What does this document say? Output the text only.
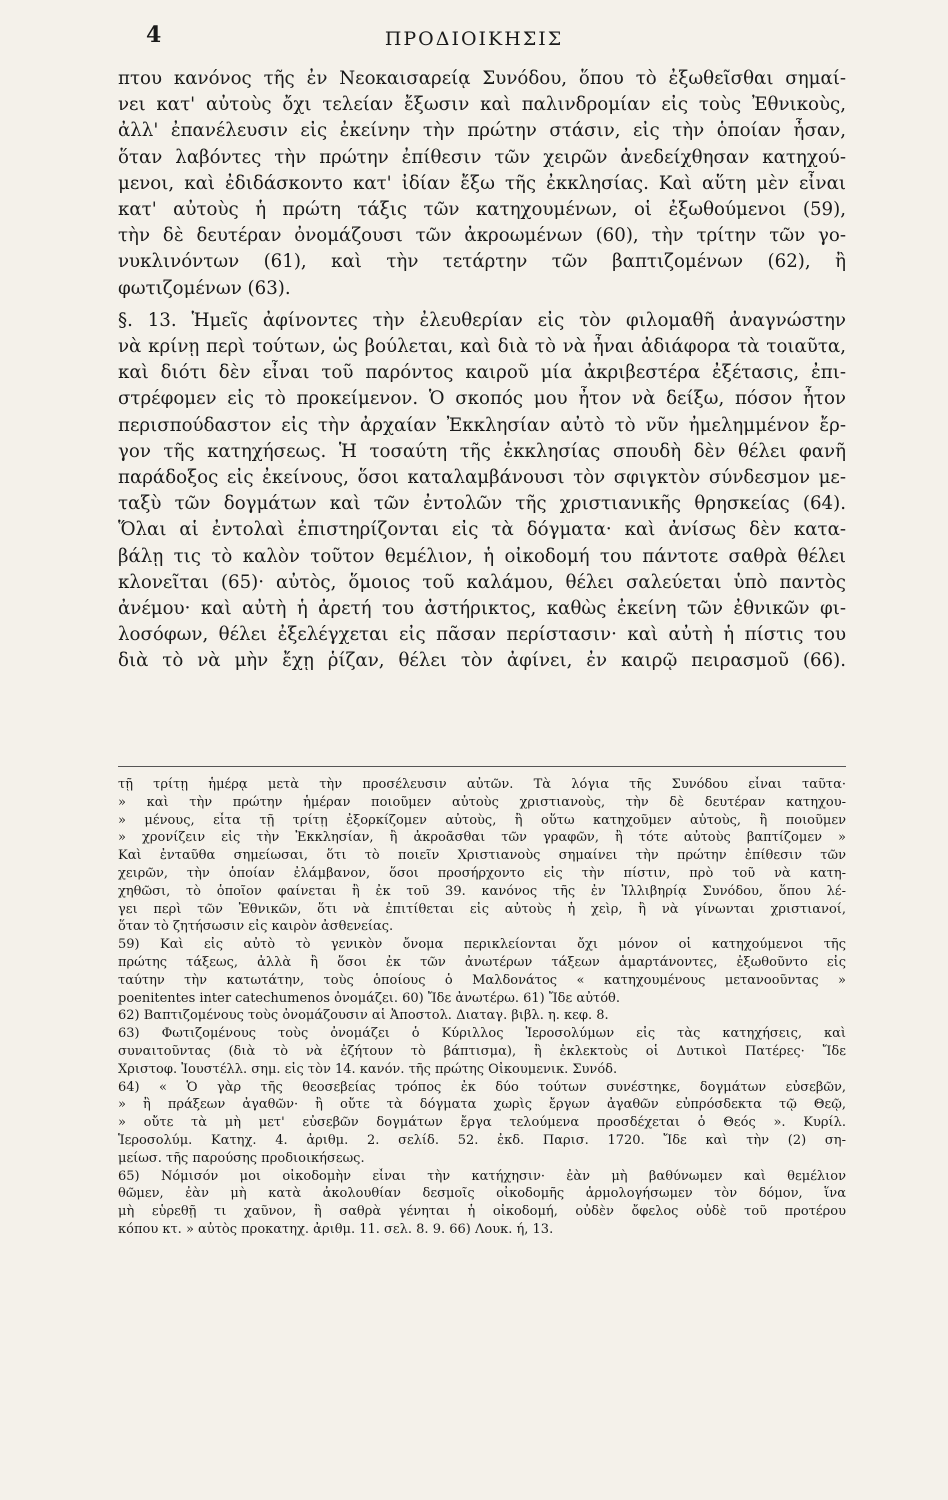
4	ΠΡΟΔΙΟΙΚΗΣΙΣ
πτου κανόνος τῆς ἐν Νεοκαισαρείᾳ Συνόδου, ὅπου τὸ ἐξωθεῖσθαι σημαί-
νει κατ' αὐτοὺς ὄχι τελείαν ἔξωσιν καὶ παλινδρομίαν εἰς τοὺς Ἐθνικοὺς,
ἀλλ' ἐπανέλευσιν εἰς ἐκείνην τὴν πρώτην στάσιν, εἰς τὴν ὁποίαν ἦσαν,
ὅταν λαβόντες τὴν πρώτην ἐπίθεσιν τῶν χειρῶν ἀνεδείχθησαν κατηχού-
μενοι, καὶ ἐδιδάσκοντο κατ' ἰδίαν ἔξω τῆς ἐκκλησίας. Καὶ αὕτη μὲν εἶναι
κατ' αὐτοὺς ἡ πρώτη τάξις τῶν κατηχουμένων, οἱ ἐξωθούμενοι (59),
τὴν δὲ δευτέραν ὀνομάζουσι τῶν ἀκροωμένων (60), τὴν τρίτην τῶν γο-
νυκλινόντων (61), καὶ τὴν τετάρτην τῶν βαπτιζομένων (62), ἢ
φωτιζομένων (63).
§. 13. Ἡμεῖς ἀφίνοντες τὴν ἐλευθερίαν εἰς τὸν φιλομαθῆ ἀναγνώστην
νὰ κρίνῃ περὶ τούτων, ὡς βούλεται, καὶ διὰ τὸ νὰ ἦναι ἀδιάφορα τὰ τοιαῦτα,
καὶ διότι δὲν εἶναι τοῦ παρόντος καιροῦ μία ἀκριβεστέρα ἐξέτασις, ἐπι-
στρέφομεν εἰς τὸ προκείμενον. Ὁ σκοπός μου ἦτον νὰ δείξω, πόσον ἦτον
περισπούδαστον εἰς τὴν ἀρχαίαν Ἐκκλησίαν αὐτὸ τὸ νῦν ἠμελημμένον ἔρ-
γον τῆς κατηχήσεως. Ἡ τοσαύτη τῆς ἐκκλησίας σπουδὴ δὲν θέλει φανῆ
παράδοξος εἰς ἐκείνους, ὅσοι καταλαμβάνουσι τὸν σφιγκτὸν σύνδεσμον με-
ταξὺ τῶν δογμάτων καὶ τῶν ἐντολῶν τῆς χριστιανικῆς θρησκείας (64).
Ὅλαι αἱ ἐντολαὶ ἐπιστηρίζονται εἰς τὰ δόγματα· καὶ ἀνίσως δὲν κατα-
βάλῃ τις τὸ καλὸν τοῦτον θεμέλιον, ἡ οἰκοδομή του πάντοτε σαθρὰ θέλει
κλονεῖται (65)· αὐτὸς, ὅμοιος τοῦ καλάμου, θέλει σαλεύεται ὑπὸ παντὸς
ἀνέμου· καὶ αὐτὴ ἡ ἀρετή του ἀστήρικτος, καθὼς ἐκείνη τῶν ἐθνικῶν φι-
λοσόφων, θέλει ἐξελέγχεται εἰς πᾶσαν περίστασιν· καὶ αὐτὴ ἡ πίστις του
διὰ τὸ νὰ μὴν ἔχῃ ῥίζαν, θέλει τὸν ἀφίνει, ἐν καιρῷ πειρασμοῦ (66).
τῇ τρίτῃ ἡμέρᾳ μετὰ τὴν προσέλευσιν αὐτῶν. Τὰ λόγια τῆς Συνόδου εἶναι ταῦτα·
» καὶ τὴν πρώτην ἡμέραν ποιοῦμεν αὐτοὺς χριστιανοὺς, τὴν δὲ δευτέραν κατηχου-
» μένους, εἶτα τῇ τρίτῃ ἐξορκίζομεν αὐτοὺς, ἢ οὕτω κατηχοῦμεν αὐτοὺς, ἢ ποιοῦμεν
» χρονίζειν εἰς τὴν Ἐκκλησίαν, ἢ ἀκροᾶσθαι τῶν γραφῶν, ἢ τότε αὐτοὺς βαπτίζομεν »
Καὶ ἐνταῦθα σημείωσαι, ὅτι τὸ ποιεῖν Χριστιανοὺς σημαίνει τὴν πρώτην ἐπίθεσιν τῶν
χειρῶν, τὴν ὁποίαν ἐλάμβανον, ὅσοι προσήρχοντο εἰς τὴν πίστιν, πρὸ τοῦ νὰ κατη-
χηθῶσι, τὸ ὁποῖον φαίνεται ἢ ἐκ τοῦ 39. κανόνος τῆς ἐν Ἰλλιβηρίᾳ Συνόδου, ὅπου λέ-
γει περὶ τῶν Ἐθνικῶν, ὅτι νὰ ἐπιτίθεται εἰς αὐτοὺς ἡ χεὶρ, ἢ νὰ γίνωνται χριστιανοί,
ὅταν τὸ ζητήσωσιν εἰς καιρὸν ἀσθενείας.
59) Καὶ εἰς αὐτὸ τὸ γενικὸν ὄνομα περικλείονται ὄχι μόνον οἱ κατηχούμενοι τῆς
πρώτης τάξεως, ἀλλὰ ἢ ὅσοι ἐκ τῶν ἀνωτέρων τάξεων ἁμαρτάνοντες, ἐξωθοῦντο εἰς
ταύτην τὴν κατωτάτην, τοὺς ὁποίους ὁ Μαλδονάτος « κατηχουμένους μετανοοῦντας »
poenitentes inter catechumenos ὀνομάζει. 60) Ἴδε ἀνωτέρω. 61) Ἴδε αὐτόθ.
62) Βαπτιζομένους τοὺς ὀνομάζουσιν αἱ Ἀποστολ. Διαταγ. βιβλ. η. κεφ. 8.
63) Φωτιζομένους τοὺς ὀνομάζει ὁ Κύριλλος Ἱεροσολύμων εἰς τὰς κατηχήσεις, καὶ
συναιτοῦντας (διὰ τὸ νὰ ἐζήτουν τὸ βάπτισμα), ἢ ἐκλεκτοὺς οἱ Δυτικοὶ Πατέρες· Ἴδε
Χριστοφ. Ἰουστέλλ. σημ. εἰς τὸν 14. κανόν. τῆς πρώτης Οἰκουμενικ. Συνόδ.
64) « Ὁ γὰρ τῆς θεοσεβείας τρόπος ἐκ δύο τούτων συνέστηκε, δογμάτων εὐσεβῶν,
» ἢ πράξεων ἀγαθῶν· ἢ οὔτε τὰ δόγματα χωρὶς ἔργων ἀγαθῶν εὐπρόσδεκτα τῷ Θεῷ,
» οὔτε τὰ μὴ μετ' εὐσεβῶν δογμάτων ἔργα τελούμενα προσδέχεται ὁ Θεός ». Κυρίλ.
Ἱεροσολύμ. Κατηχ. 4. ἀριθμ. 2. σελίδ. 52. ἐκδ. Παρισ. 1720. Ἴδε καὶ τὴν (2) ση-
μείωσ. τῆς παρούσης προδιοικήσεως.
65) Νόμισόν μοι οἰκοδομὴν εἶναι τὴν κατήχησιν· ἐὰν μὴ βαθύνωμεν καὶ θεμέλιον
θῶμεν, ἐὰν μὴ κατὰ ἀκολουθίαν δεσμοῖς οἰκοδομῆς ἁρμολογήσωμεν τὸν δόμον, ἵνα
μὴ εὑρεθῇ τι χαῦνον, ἢ σαθρὰ γένηται ἡ οἰκοδομή, οὐδὲν ὄφελος οὐδὲ τοῦ προτέρου
κόπου κτ. » αὐτὸς προκατηχ. ἀριθμ. 11. σελ. 8. 9. 66) Λουκ. ή, 13.
